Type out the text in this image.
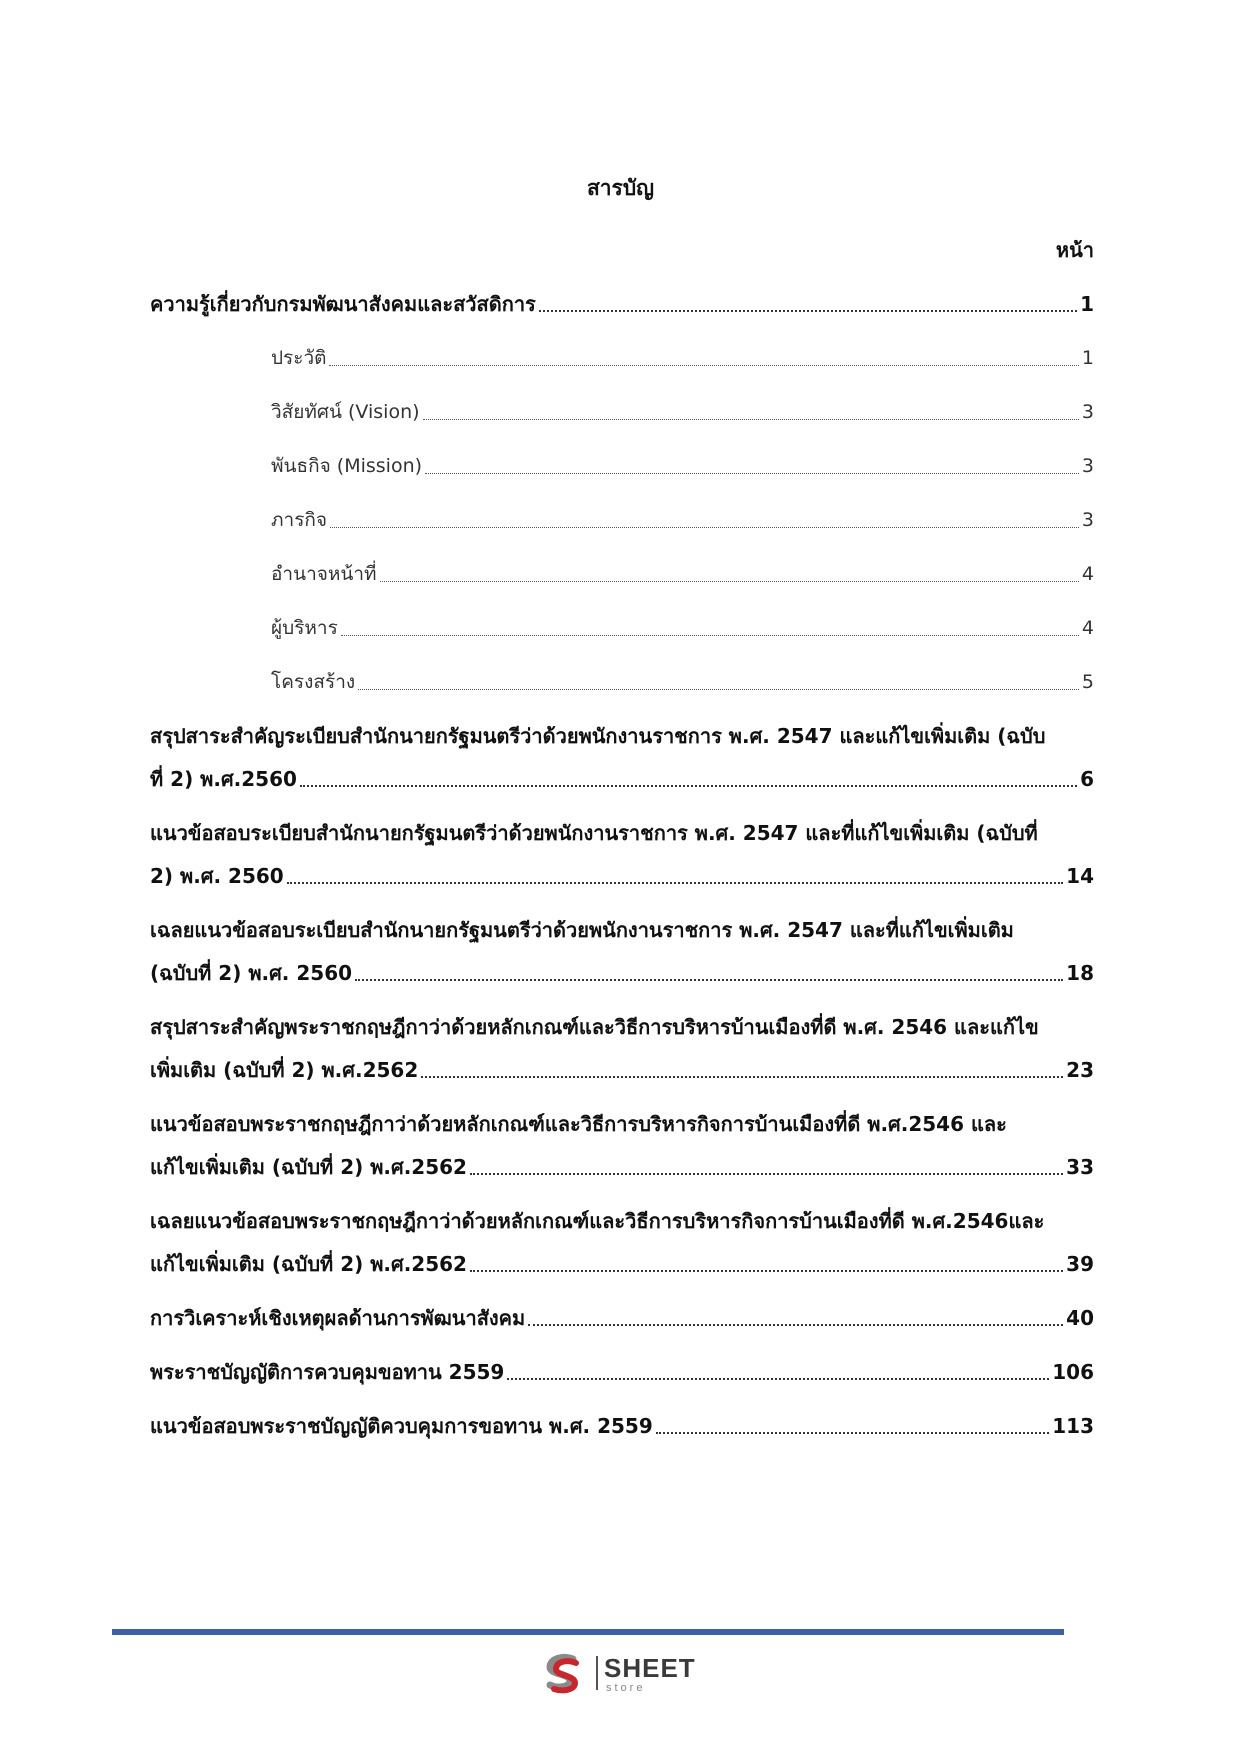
สารบัญ
หน้า
ความรู้เกี่ยวกับกรมพัฒนาสังคมและสวัสดิการ	1
ประวัติ	1
วิสัยทัศน์ (Vision)	3
พันธกิจ (Mission)	3
ภารกิจ	3
อำนาจหน้าที่	4
ผู้บริหาร	4
โครงสร้าง	5
สรุปสาระสำคัญระเบียบสำนักนายกรัฐมนตรีว่าด้วยพนักงานราชการ พ.ศ. 2547 และแก้ไขเพิ่มเติม (ฉบับ
ที่ 2) พ.ศ.2560	6
แนวข้อสอบระเบียบสำนักนายกรัฐมนตรีว่าด้วยพนักงานราชการ พ.ศ. 2547 และที่แก้ไขเพิ่มเติม (ฉบับที่
2) พ.ศ. 2560	14
เฉลยแนวข้อสอบระเบียบสำนักนายกรัฐมนตรีว่าด้วยพนักงานราชการ พ.ศ. 2547 และที่แก้ไขเพิ่มเติม
(ฉบับที่ 2) พ.ศ. 2560	18
สรุปสาระสำคัญพระราชกฤษฎีกาว่าด้วยหลักเกณฑ์และวิธีการบริหารบ้านเมืองที่ดี พ.ศ. 2546 และแก้ไข
เพิ่มเติม (ฉบับที่ 2) พ.ศ.2562	23
แนวข้อสอบพระราชกฤษฎีกาว่าด้วยหลักเกณฑ์และวิธีการบริหารกิจการบ้านเมืองที่ดี พ.ศ.2546 และ
แก้ไขเพิ่มเติม (ฉบับที่ 2) พ.ศ.2562	33
เฉลยแนวข้อสอบพระราชกฤษฎีกาว่าด้วยหลักเกณฑ์และวิธีการบริหารกิจการบ้านเมืองที่ดี พ.ศ.2546และ
แก้ไขเพิ่มเติม (ฉบับที่ 2) พ.ศ.2562	39
การวิเคราะห์เชิงเหตุผลด้านการพัฒนาสังคม	40
พระราชบัญญัติการควบคุมขอทาน 2559	106
แนวข้อสอบพระราชบัญญัติควบคุมการขอทาน พ.ศ. 2559	113
SHEET
store
